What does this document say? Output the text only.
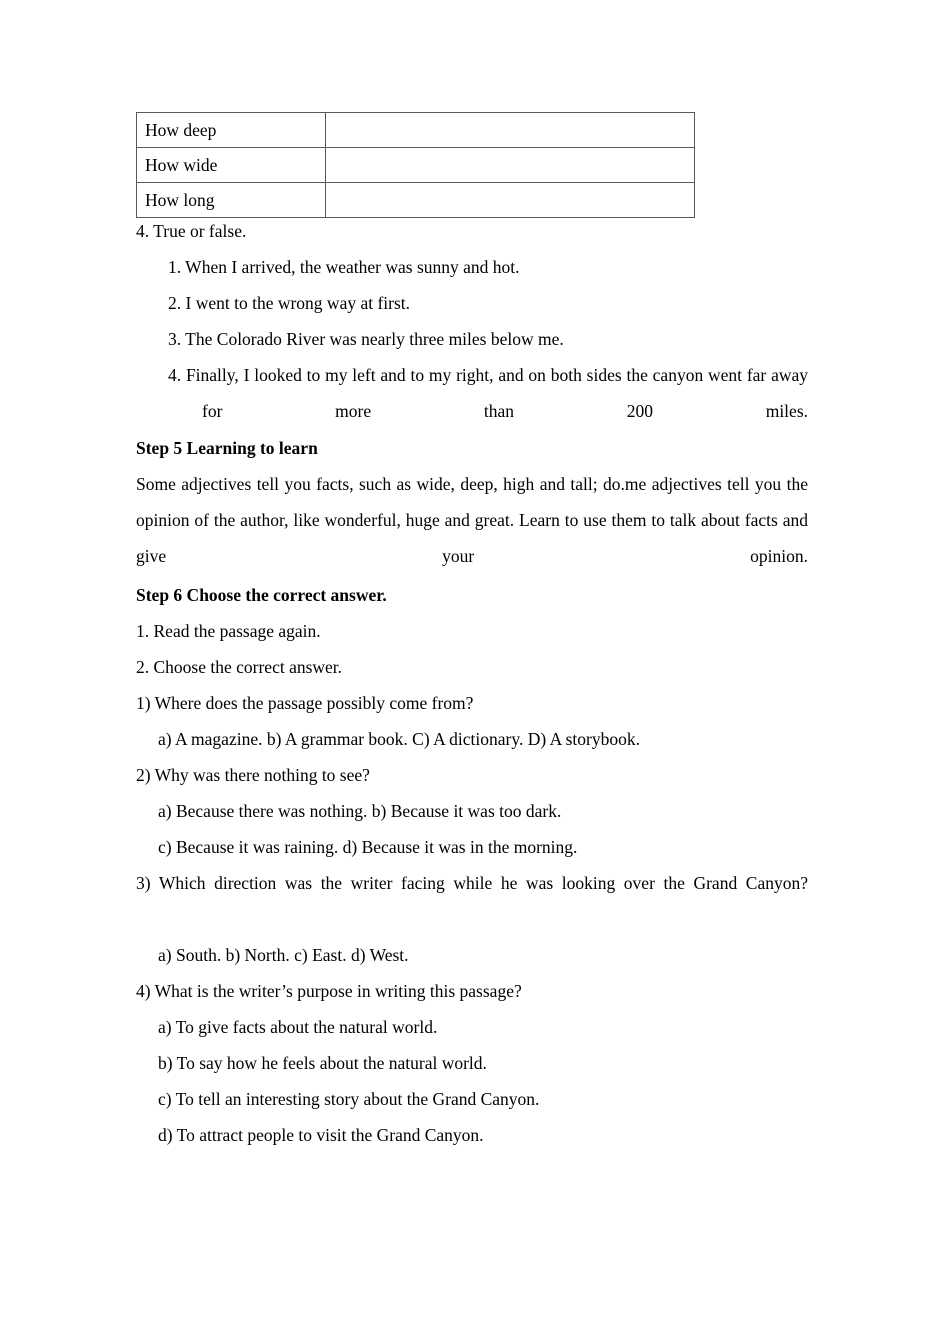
How deep	
How wide	
How long	
4. True or false.
1. When I arrived, the weather was sunny and hot.
2. I went to the wrong way at first.
3. The Colorado River was nearly three miles below me.
4. Finally, I looked to my left and to my right, and on both sides the canyon went far away for more than 200 miles.
Step 5 Learning to learn
Some adjectives tell you facts, such as wide, deep, high and tall; do.me adjectives tell you the opinion of the author, like wonderful, huge and great. Learn to use them to talk about facts and give your opinion.
Step 6 Choose the correct answer.
1. Read the passage again.
2. Choose the correct answer.
1) Where does the passage possibly come from?
a) A magazine. b) A grammar book. C) A dictionary. D) A storybook.
2) Why was there nothing to see?
a) Because there was nothing. b) Because it was too dark.
c) Because it was raining. d) Because it was in the morning.
3) Which direction was the writer facing while he was looking over the Grand Canyon?
a) South. b) North. c) East. d) West.
4) What is the writer’s purpose in writing this passage?
a) To give facts about the natural world.
b) To say how he feels about the natural world.
c) To tell an interesting story about the Grand Canyon.
d) To attract people to visit the Grand Canyon.
